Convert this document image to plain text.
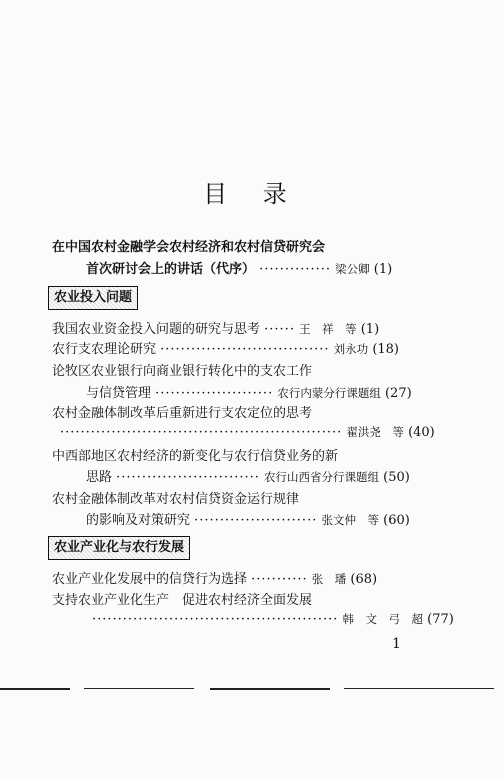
目 录
在中国农村金融学会农村经济和农村信贷研究会
首次研讨会上的讲话（代序） ·············· 梁公卿 (1)
农业投入问题
我国农业资金投入问题的研究与思考 ······ 王　祥　等 (1)
农行支农理论研究 ································· 刘永功 (18)
论牧区农业银行向商业银行转化中的支农工作
与信贷管理 ······················· 农行内蒙分行课题组 (27)
农村金融体制改革后重新进行支农定位的思考
······················································· 翟洪尧　等 (40)
中西部地区农村经济的新变化与农行信贷业务的新
思路 ···························· 农行山西省分行课题组 (50)
农村金融体制改革对农村信贷资金运行规律
的影响及对策研究 ························ 张文仲　等 (60)
农业产业化与农行发展
农业产业化发展中的信贷行为选择 ··········· 张　璠 (68)
支持农业产业化生产　促进农村经济全面发展
················································ 韩　文　弓　超 (77)
1
